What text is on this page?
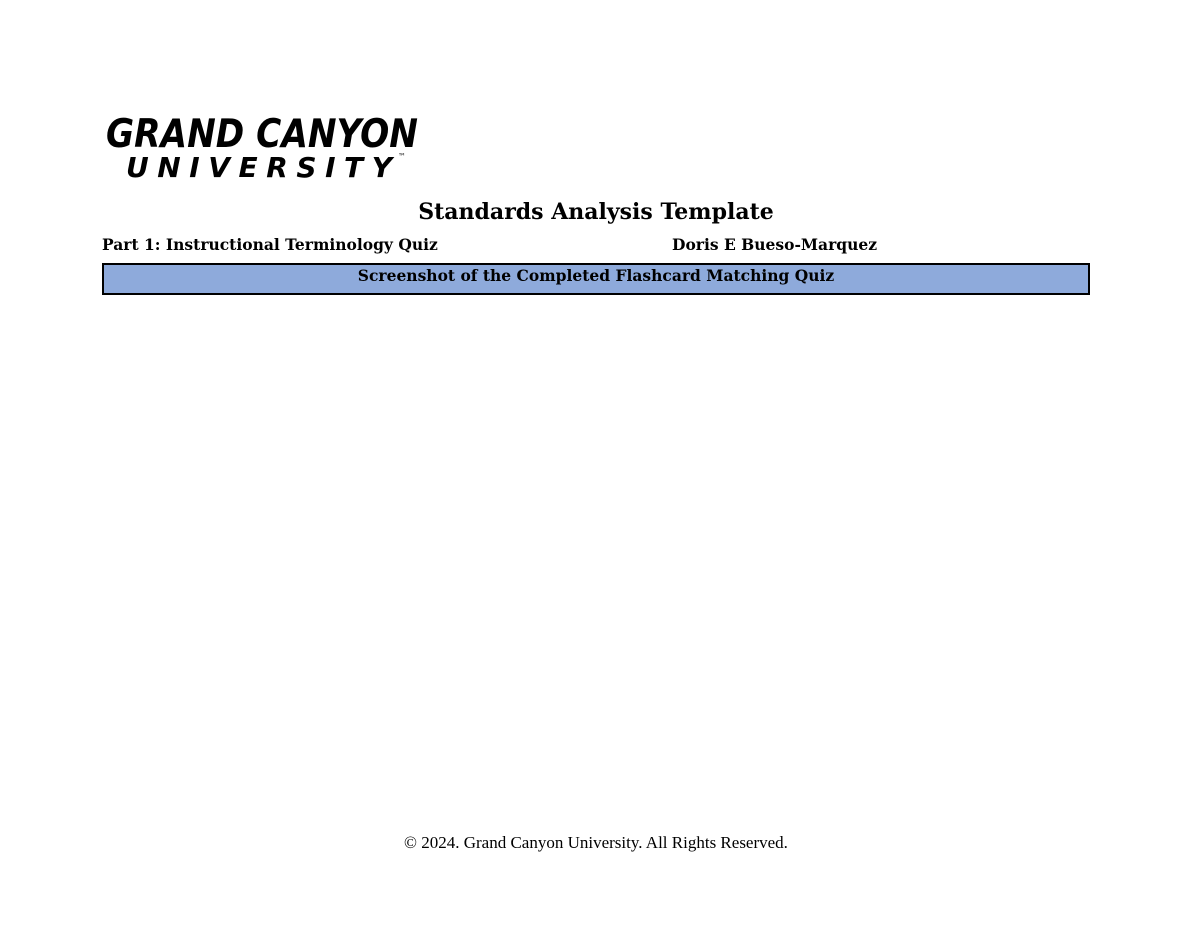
GRAND CANYON
UNIVERSITY ™
Standards Analysis Template
Part 1: Instructional Terminology Quiz	Doris E Bueso-Marquez
Screenshot of the Completed Flashcard Matching Quiz
© 2024. Grand Canyon University. All Rights Reserved.
